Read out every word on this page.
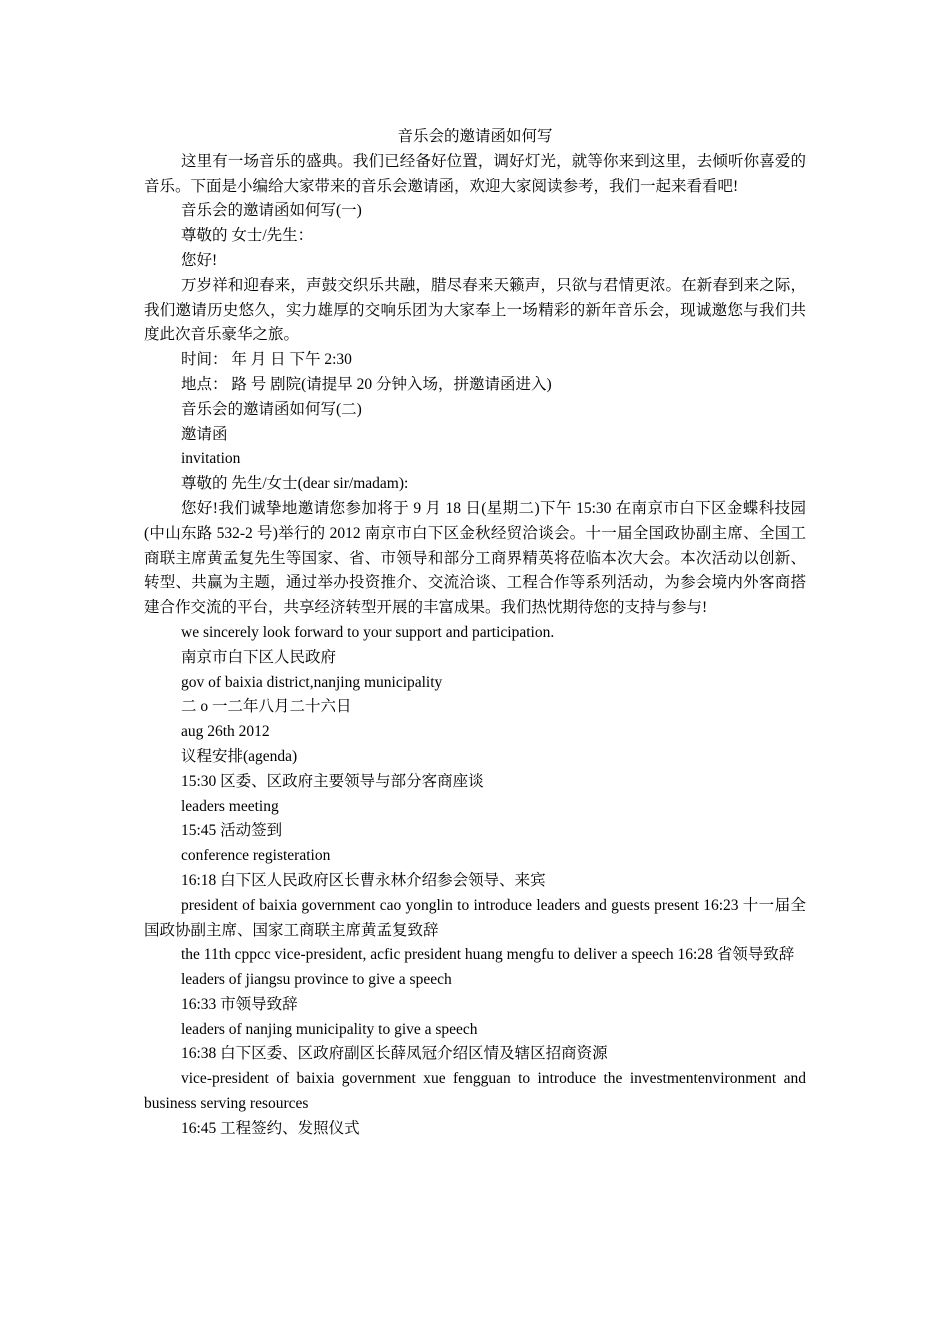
音乐会的邀请函如何写

这里有一场音乐的盛典。我们已经备好位置，调好灯光，就等你来到这里，去倾听你喜爱的音乐。下面是小编给大家带来的音乐会邀请函，欢迎大家阅读参考，我们一起来看看吧!

音乐会的邀请函如何写(一)

尊敬的 女士/先生：

您好!

万岁祥和迎春来，声鼓交织乐共融，腊尽春来天籁声，只欲与君情更浓。在新春到来之际，我们邀请历史悠久，实力雄厚的交响乐团为大家奉上一场精彩的新年音乐会，现诚邀您与我们共度此次音乐豪华之旅。

时间： 年 月 日 下午 2:30

地点： 路 号 剧院(请提早 20 分钟入场，拼邀请函进入)

音乐会的邀请函如何写(二)

邀请函

invitation

尊敬的 先生/女士(dear sir/madam):

您好!我们诚挚地邀请您参加将于 9 月 18 日(星期二)下午 15:30 在南京市白下区金蝶科技园(中山东路 532-2 号)举行的 2012 南京市白下区金秋经贸洽谈会。十一届全国政协副主席、全国工商联主席黄孟复先生等国家、省、市领导和部分工商界精英将莅临本次大会。本次活动以创新、转型、共赢为主题，通过举办投资推介、交流洽谈、工程合作等系列活动，为参会境内外客商搭建合作交流的平台，共享经济转型开展的丰富成果。我们热忱期待您的支持与参与!

we sincerely look forward to your support and participation.

南京市白下区人民政府

gov of baixia district,nanjing municipality

二 o 一二年八月二十六日

aug 26th 2012

议程安排(agenda)

15:30 区委、区政府主要领导与部分客商座谈

leaders meeting

15:45 活动签到

conference registeration

16:18 白下区人民政府区长曹永林介绍参会领导、来宾

president of baixia government cao yonglin to introduce leaders and guests present 16:23 十一届全国政协副主席、国家工商联主席黄孟复致辞

the 11th cppcc vice-president, acfic president huang mengfu to deliver a speech 16:28 省领导致辞

leaders of jiangsu province to give a speech

16:33 市领导致辞

leaders of nanjing municipality to give a speech

16:38 白下区委、区政府副区长薛凤冠介绍区情及辖区招商资源

vice-president of baixia government xue fengguan to introduce the investmentenvironment and business serving resources

16:45 工程签约、发照仪式
